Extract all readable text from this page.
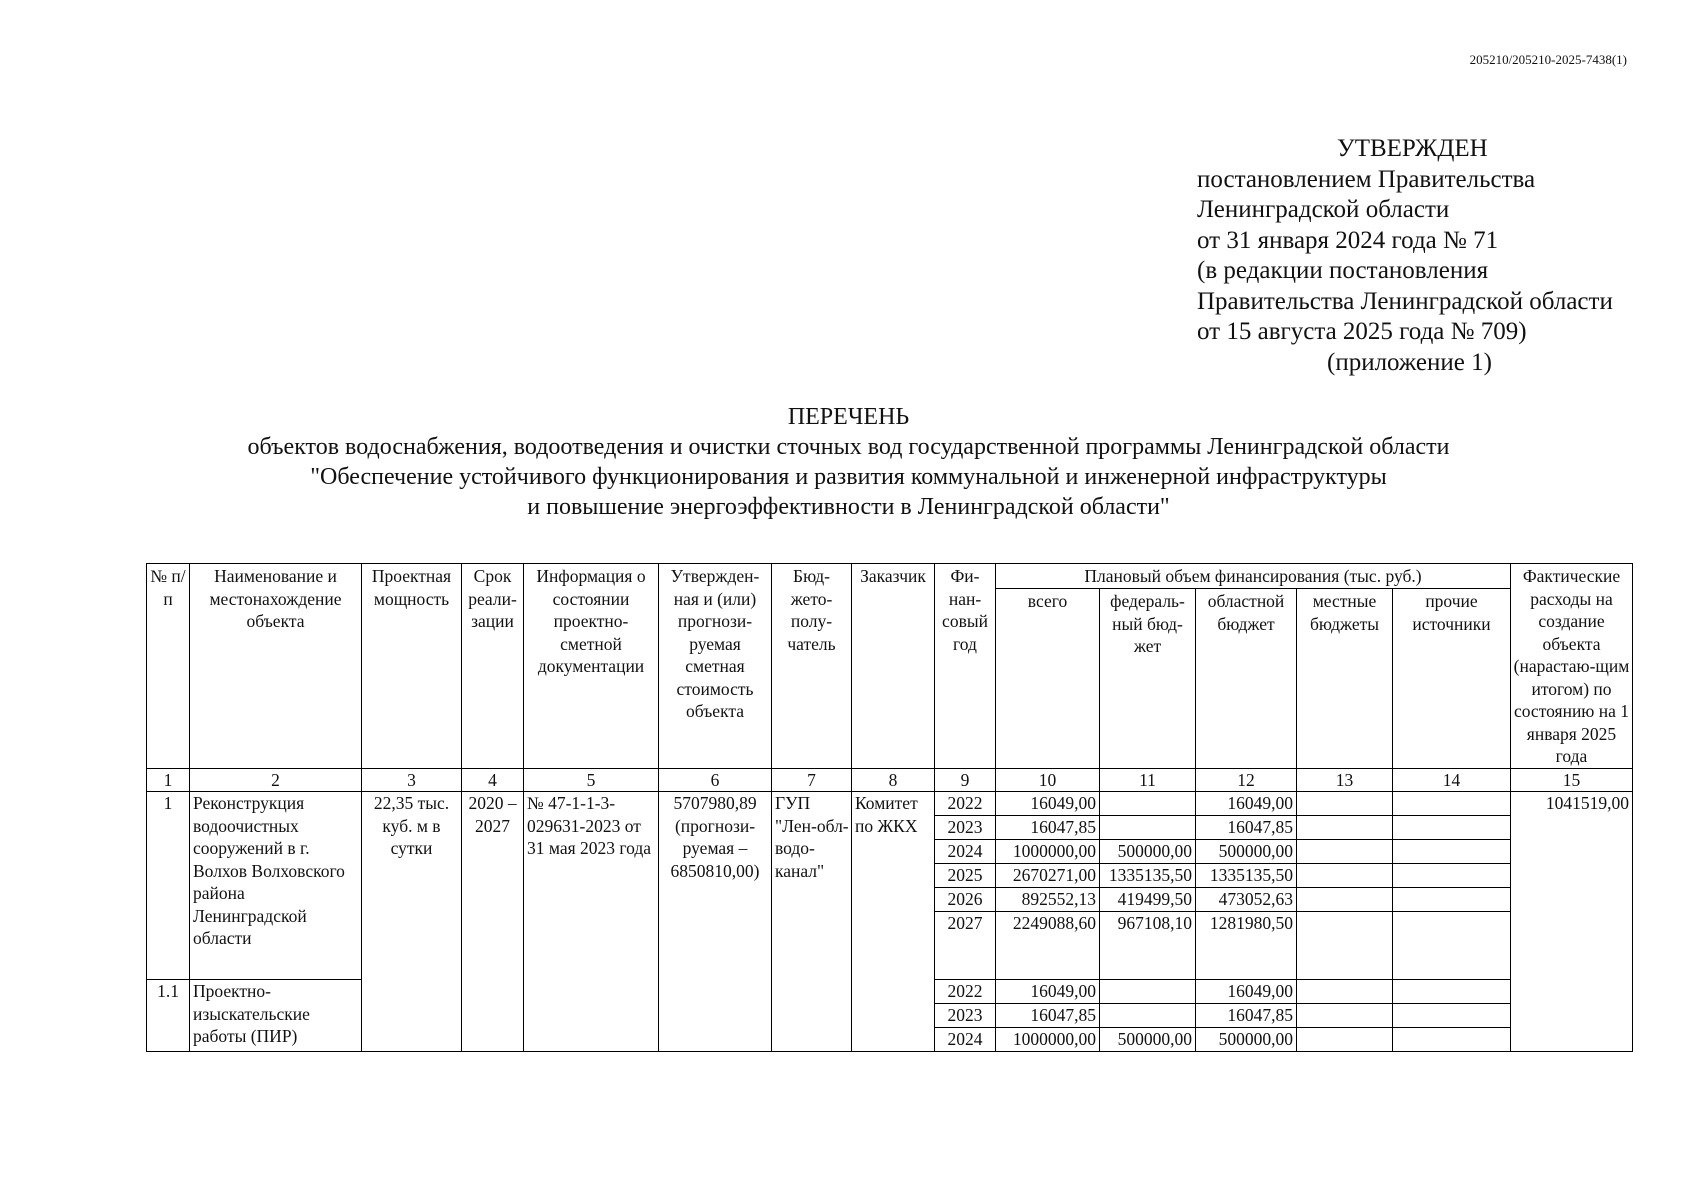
205210/205210-2025-7438(1)
УТВЕРЖДЕН
постановлением Правительства
Ленинградской области
от 31 января 2024 года № 71
(в редакции постановления
Правительства Ленинградской области
от 15 августа 2025 года № 709)
(приложение 1)
ПЕРЕЧЕНЬ
объектов водоснабжения, водоотведения и очистки сточных вод государственной программы Ленинградской области
"Обеспечение устойчивого функционирования и развития коммунальной и инженерной инфраструктуры
и повышение энергоэффективности в Ленинградской области"
№ п/п	Наименование и местонахождение объекта	Проектная мощность	Срок реали-зации	Информация о состоянии проектно-сметной документации	Утвержден-ная и (или) прогнози-руемая сметная стоимость объекта	Бюд-жето-полу-чатель	Заказчик	Фи-нан-совый год	Плановый объем финансирования (тыс. руб.)					Фактические расходы на создание объекта (нарастаю-щим итогом) по состоянию на 1 января 2025 года
									всего	федераль-ный бюд-жет	областной бюджет	местные бюджеты	прочие источники	
1	2	3	4	5	6	7	8	9	10	11	12	13	14	15
1	Реконструкция водоочистных сооружений в г. Волхов Волховского района Ленинградской области	22,35 тыс. куб. м в сутки	2020 – 2027	№ 47-1-1-3-029631-2023 от 31 мая 2023 года	5707980,89 (прогнози-руемая – 6850810,00)	ГУП "Лен-обл-водо-канал"	Комитет по ЖКХ	2022	16049,00		16049,00			1041519,00
								2023	16047,85		16047,85			
								2024	1000000,00	500000,00	500000,00			
								2025	2670271,00	1335135,50	1335135,50			
								2026	892552,13	419499,50	473052,63			
								2027	2249088,60	967108,10	1281980,50			
1.1	Проектно-изыскательские работы (ПИР)							2022	16049,00		16049,00			
								2023	16047,85		16047,85			
								2024	1000000,00	500000,00	500000,00			
